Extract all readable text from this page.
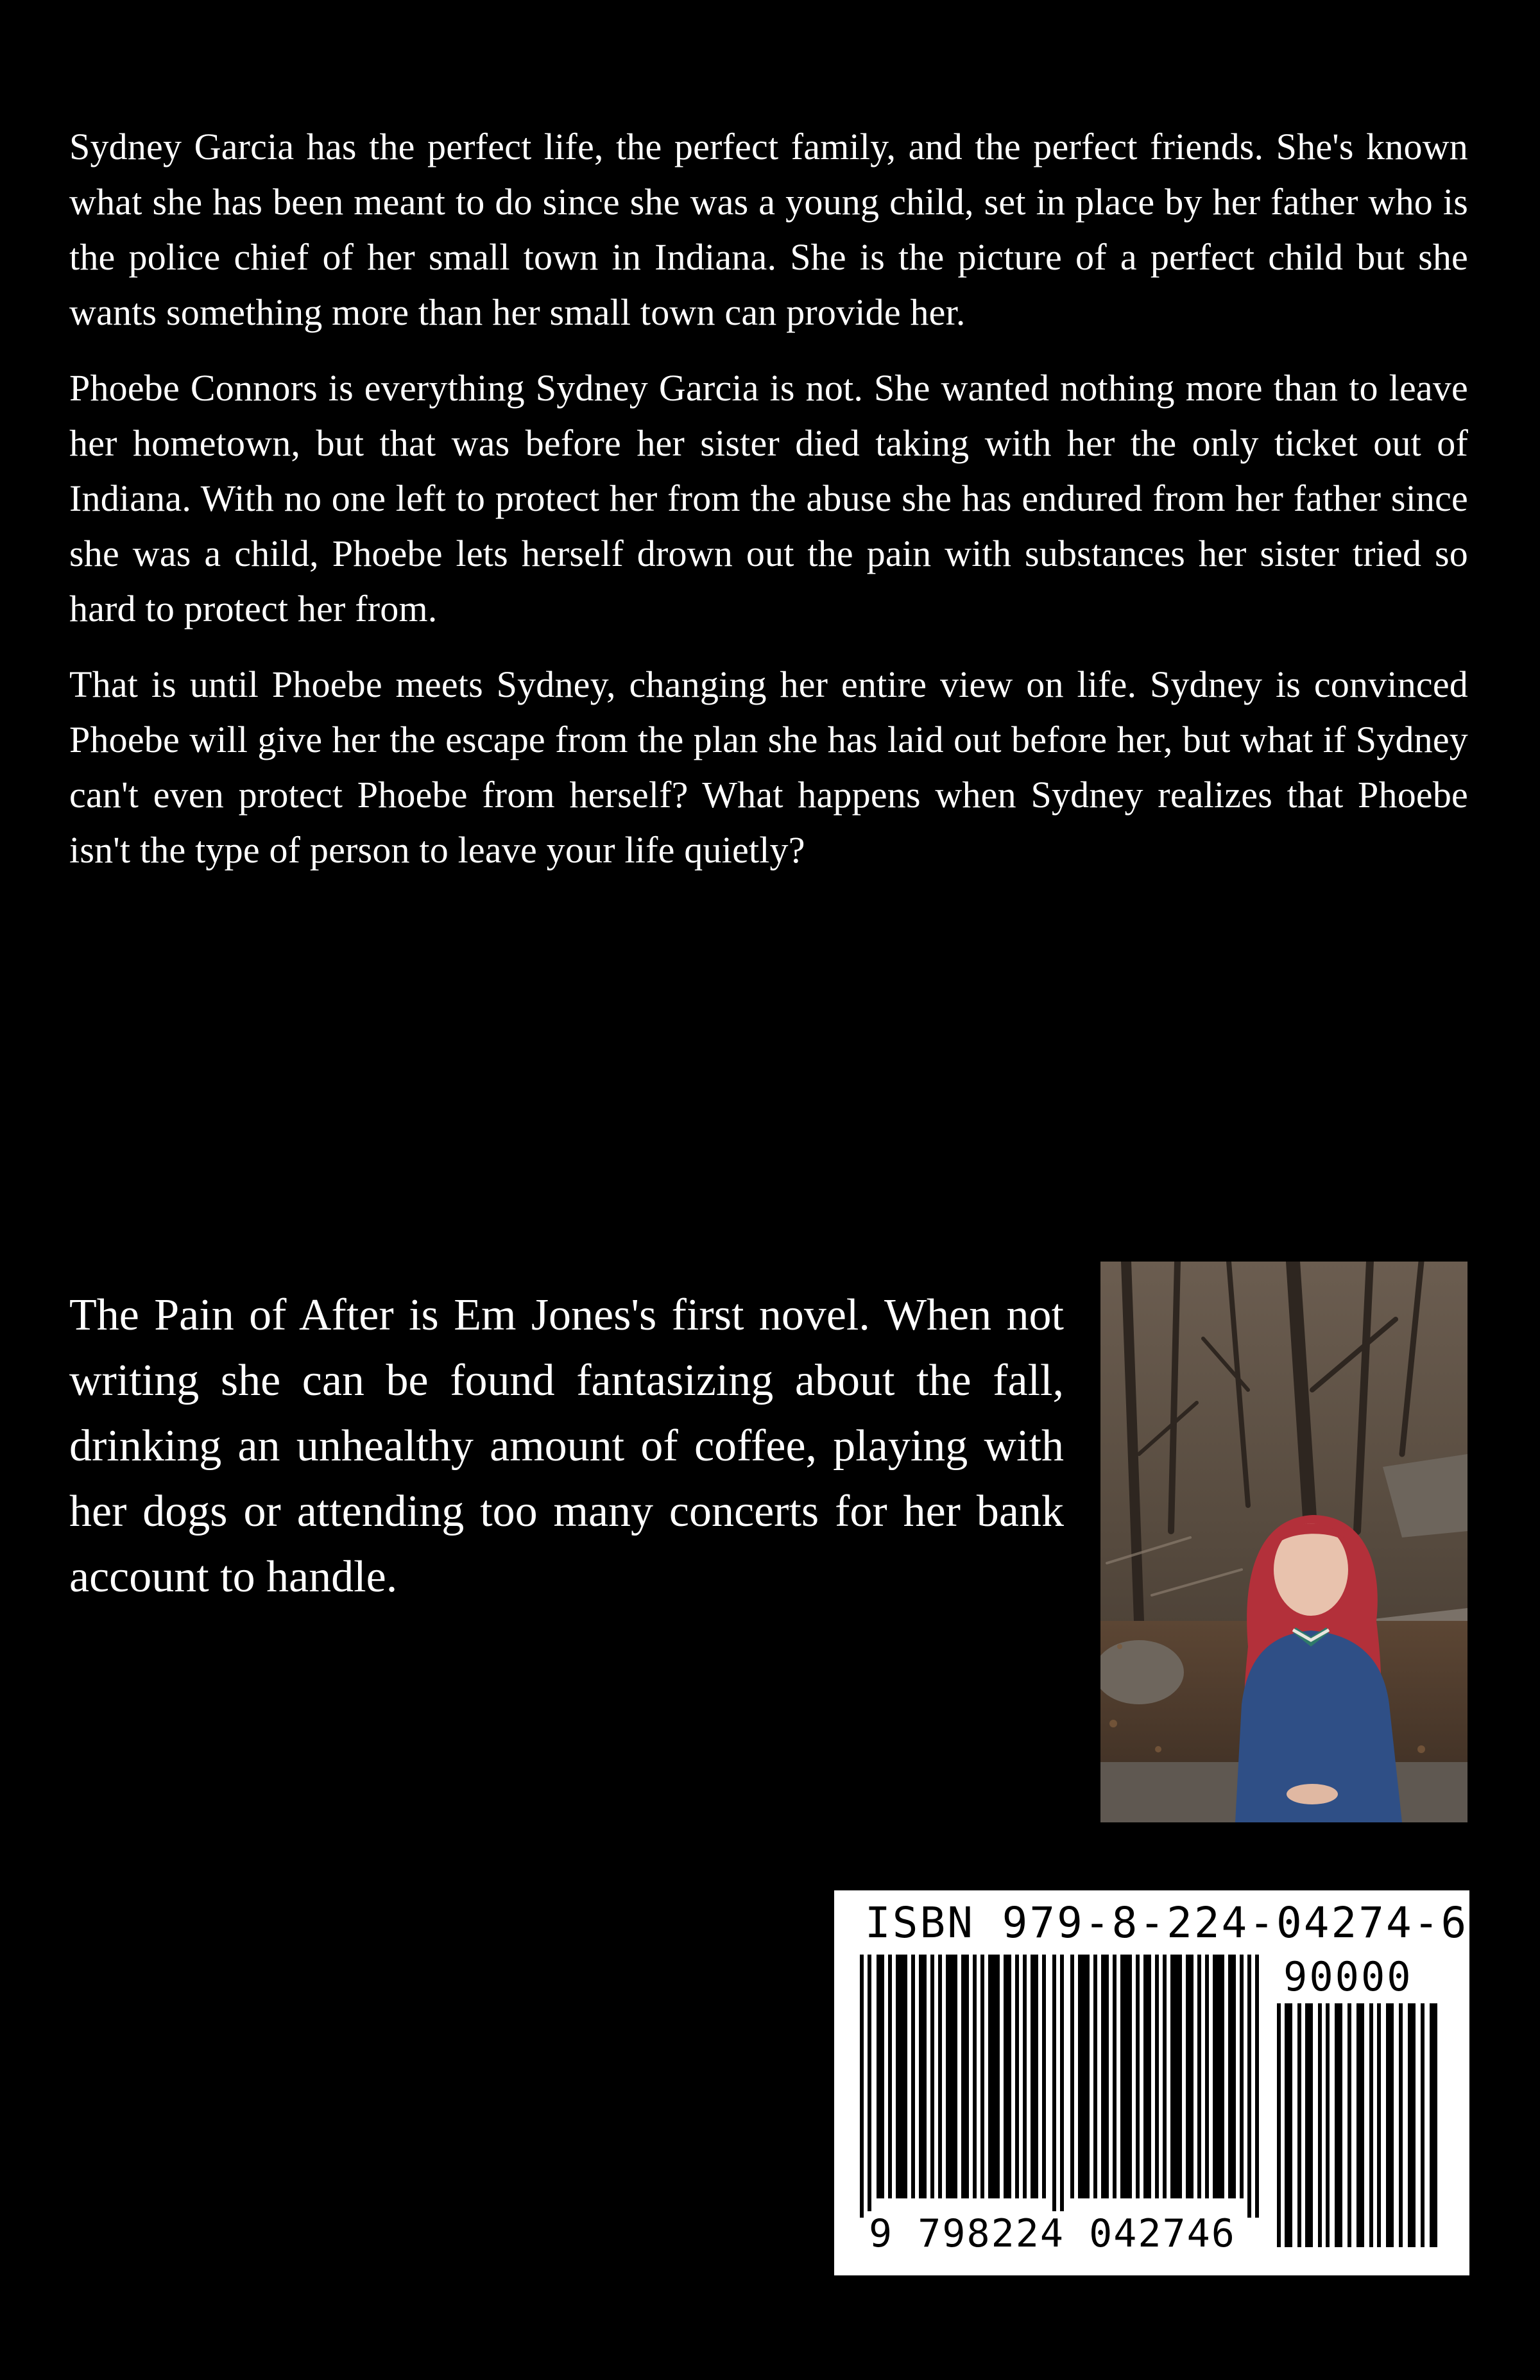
Sydney Garcia has the perfect life, the perfect family, and the perfect friends. She's known what she has been meant to do since she was a young child, set in place by her father who is the police chief of her small town in Indiana. She is the picture of a perfect child but she wants something more than her small town can provide her.

Phoebe Connors is everything Sydney Garcia is not. She wanted nothing more than to leave her hometown, but that was before her sister died taking with her the only ticket out of Indiana. With no one left to protect her from the abuse she has endured from her father since she was a child, Phoebe lets herself drown out the pain with substances her sister tried so hard to protect her from.

That is until Phoebe meets Sydney, changing her entire view on life. Sydney is convinced Phoebe will give her the escape from the plan she has laid out before her, but what if Sydney can't even protect Phoebe from herself? What happens when Sydney realizes that Phoebe isn't the type of person to leave your life quietly?

The Pain of After is Em Jones's first novel. When not writing she can be found fantasizing about the fall, drinking an unhealthy amount of coffee, playing with her dogs or attending too many concerts for her bank account to handle.

ISBN 979-8-224-04274-6
90000
9 798224 042746
